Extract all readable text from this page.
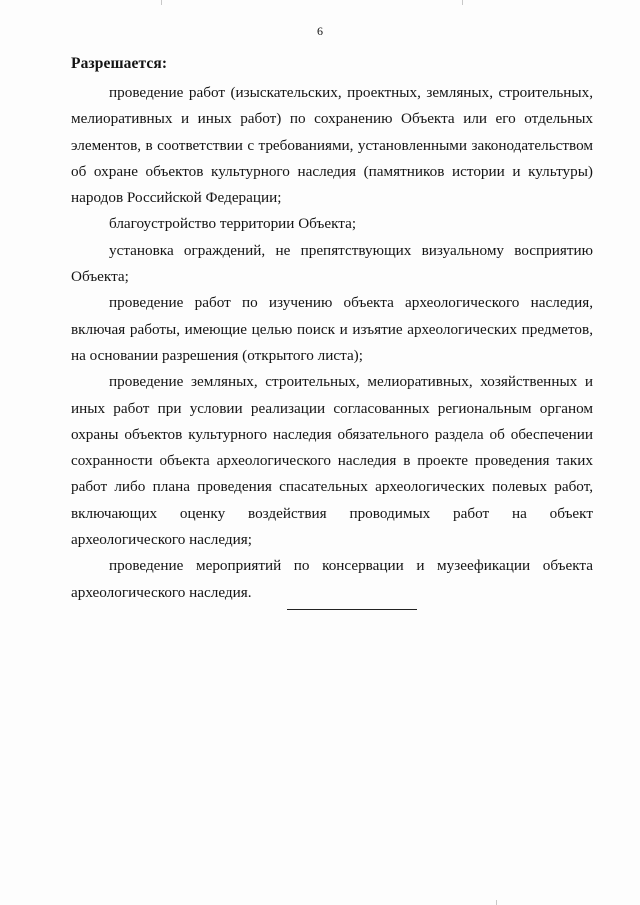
6
Разрешается:

проведение работ (изыскательских, проектных, земляных, строительных, мелиоративных и иных работ) по сохранению Объекта или его отдельных элементов, в соответствии с требованиями, установленными законодательством об охране объектов культурного наследия (памятников истории и культуры) народов Российской Федерации;

благоустройство территории Объекта;

установка ограждений, не препятствующих визуальному восприятию Объекта;

проведение работ по изучению объекта археологического наследия, включая работы, имеющие целью поиск и изъятие археологических предметов, на основании разрешения (открытого листа);

проведение земляных, строительных, мелиоративных, хозяйственных и иных работ при условии реализации согласованных региональным органом охраны объектов культурного наследия обязательного раздела об обеспечении сохранности объекта археологического наследия в проекте проведения таких работ либо плана проведения спасательных археологических полевых работ, включающих оценку воздействия проводимых работ на объект археологического наследия;

проведение мероприятий по консервации и музеефикации объекта археологического наследия.
